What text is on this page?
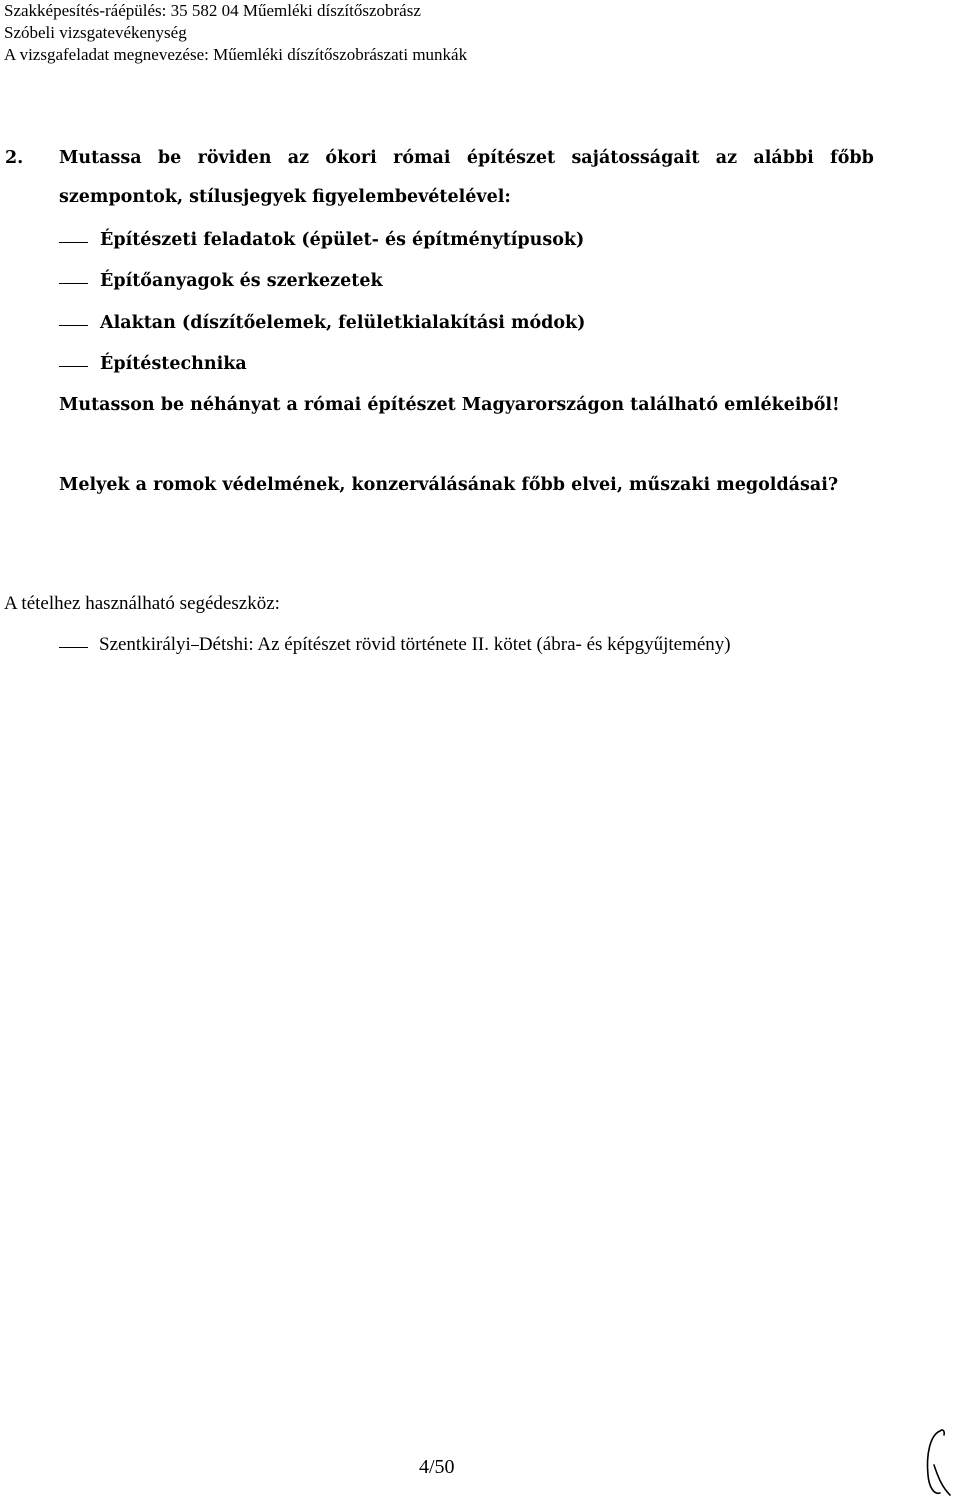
Szakképesítés-ráépülés: 35 582 04 Műemléki díszítőszobrász
Szóbeli vizsgatevékenység
A vizsgafeladat megnevezése: Műemléki díszítőszobrászati munkák
2. Mutassa be röviden az ókori római építészet sajátosságait az alábbi főbb
szempontok, stílusjegyek figyelembevételével:
Építészeti feladatok (épület- és építménytípusok)
Építőanyagok és szerkezetek
Alaktan (díszítőelemek, felületkialakítási módok)
Építéstechnika
Mutasson be néhányat a római építészet Magyarországon található emlékeiből!
Melyek a romok védelmének, konzerválásának főbb elvei, műszaki megoldásai?
A tételhez használható segédeszköz:
Szentkirályi Détshi: Az építészet rövid története II. kötet (ábra- és képgyűjtemény)
4/50
